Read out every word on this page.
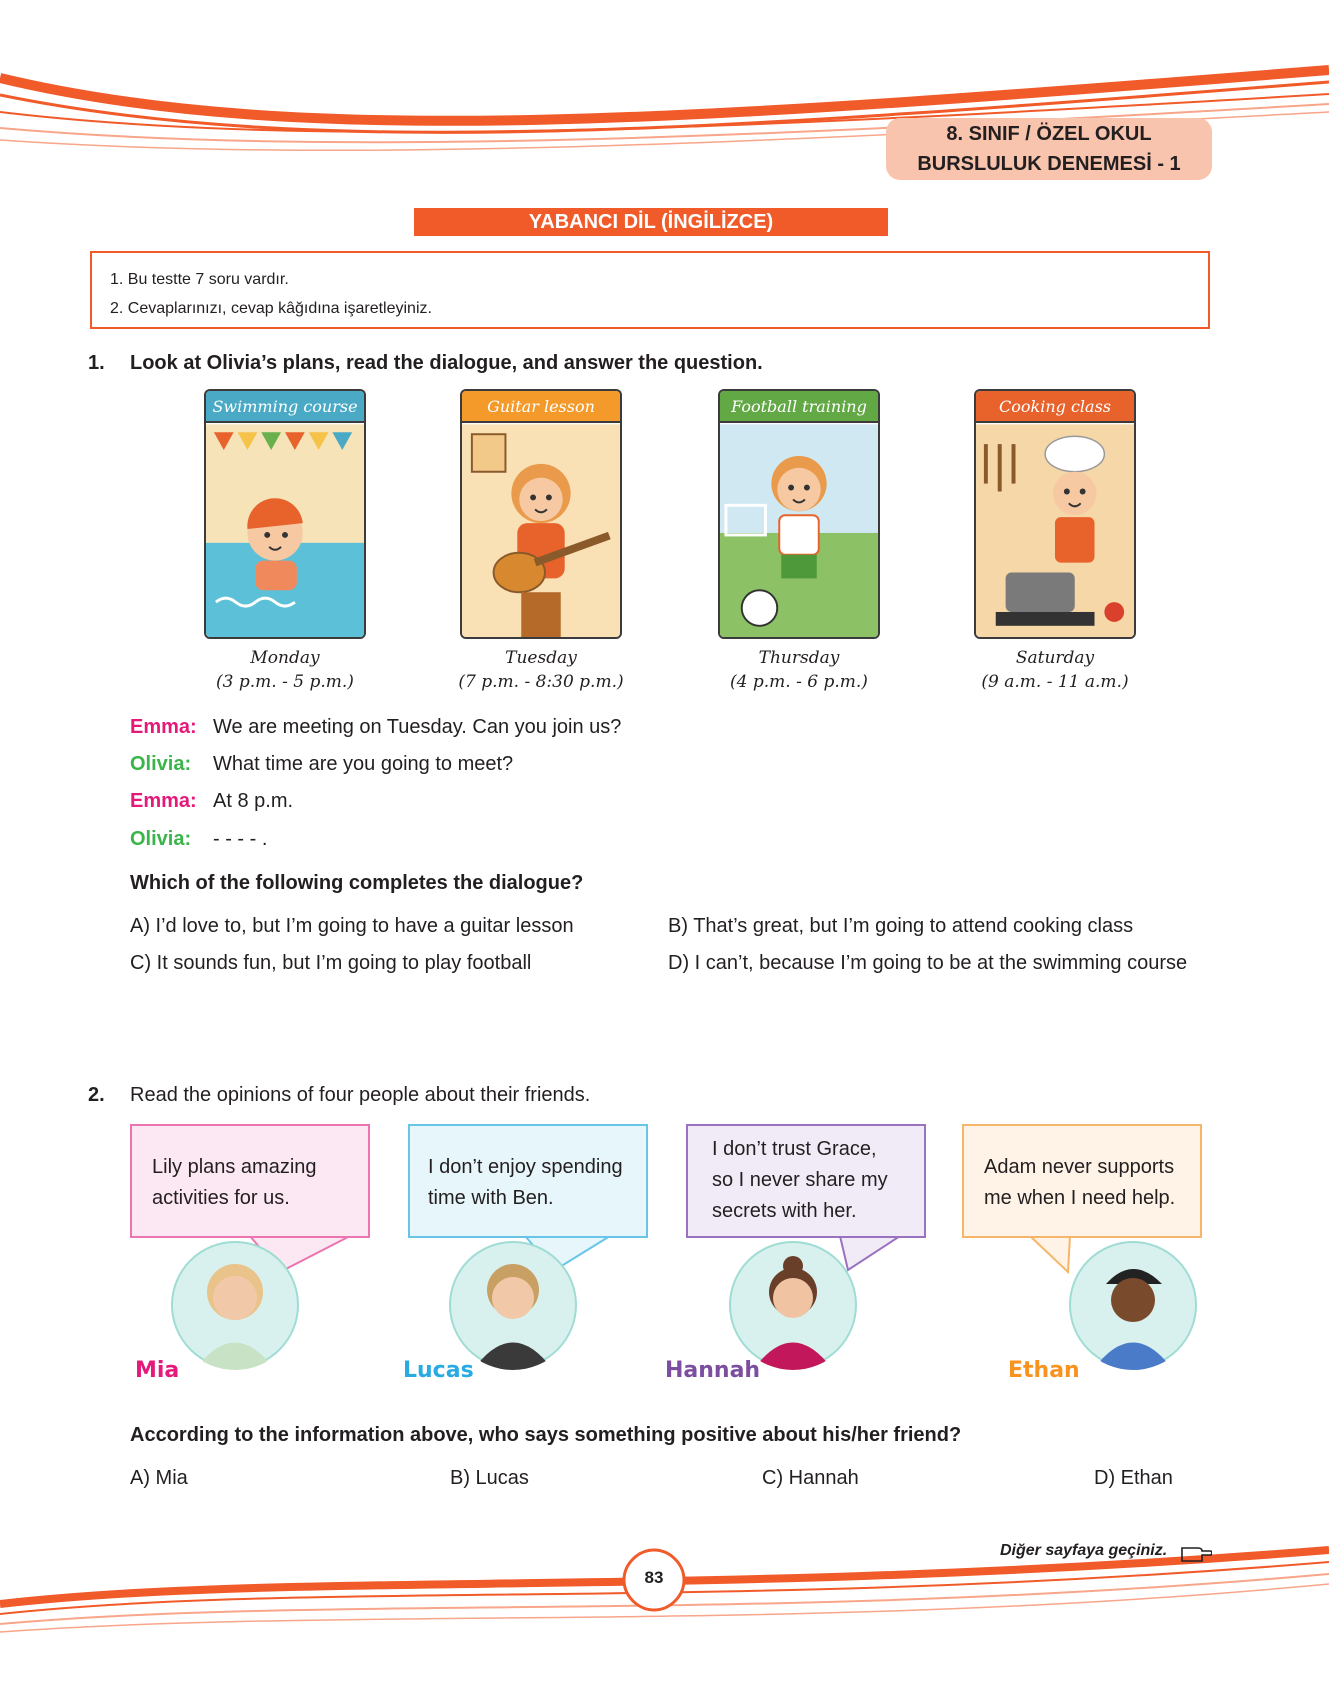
8. SINIF / ÖZEL OKUL
BURSLULUK DENEMESİ - 1
YABANCI DİL (İNGİLİZCE)
1. Bu testte 7 soru vardır.
2. Cevaplarınızı, cevap kâğıdına işaretleyiniz.
1. Look at Olivia’s plans, read the dialogue, and answer the question.
Swimming course
Monday
(3 p.m. - 5 p.m.)
Guitar lesson
Tuesday
(7 p.m. - 8:30 p.m.)
Football training
Thursday
(4 p.m. - 6 p.m.)
Cooking class
Saturday
(9 a.m. - 11 a.m.)
Emma: We are meeting on Tuesday. Can you join us?
Olivia: What time are you going to meet?
Emma: At 8 p.m.
Olivia: - - - - .
Which of the following completes the dialogue?
A) I’d love to, but I’m going to have a guitar lesson	B) That’s great, but I’m going to attend cooking class
C) It sounds fun, but I’m going to play football	D) I can’t, because I’m going to be at the swimming course
2. Read the opinions of four people about their friends.
Lily plans amazing
activities for us.
I don’t enjoy spending
time with Ben.
I don’t trust Grace,
so I never share my
secrets with her.
Adam never supports
me when I need help.
Mia	Lucas	Hannah	Ethan
According to the information above, who says something positive about his/her friend?
A) Mia	B) Lucas	C) Hannah	D) Ethan
Diğer sayfaya geçiniz.
83
